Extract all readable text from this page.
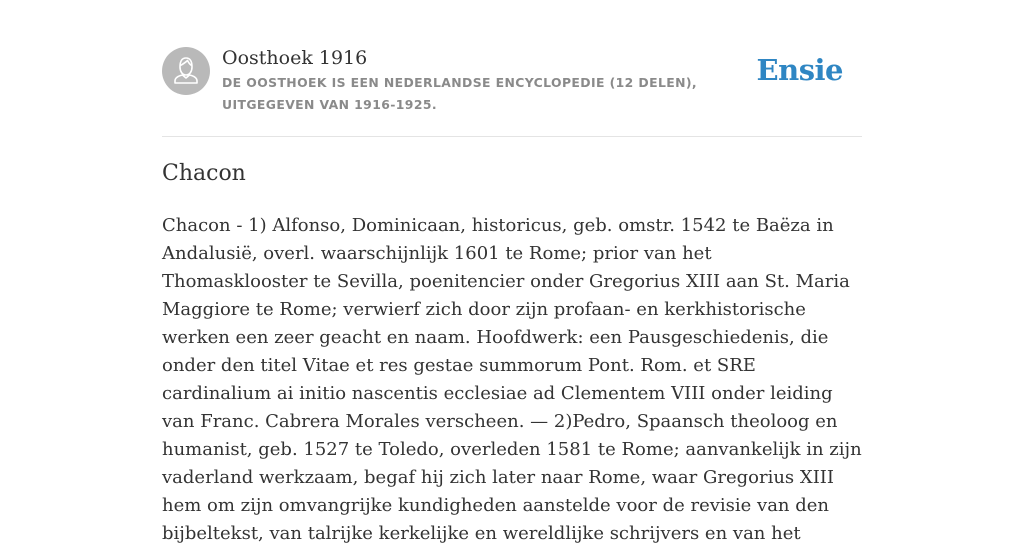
Oosthoek 1916
DE OOSTHOEK IS EEN NEDERLANDSE ENCYCLOPEDIE (12 DELEN), UITGEGEVEN VAN 1916-1925.
Ensie
Chacon

Chacon - 1) Alfonso, Dominicaan, historicus, geb. omstr. 1542 te Baëza in Andalusië, overl. waarschijnlijk 1601 te Rome; prior van het Thomasklooster te Sevilla, poenitencier onder Gregorius XIII aan St. Maria Maggiore te Rome; verwierf zich door zijn profaan- en kerkhistorische werken een zeer geacht en naam. Hoofdwerk: een Pausgeschiedenis, die onder den titel Vitae et res gestae summorum Pont. Rom. et SRE cardinalium ai initio nascentis ecclesiae ad Clementem VIII onder leiding van Franc. Cabrera Morales verscheen. — 2)Pedro, Spaansch theoloog en humanist, geb. 1527 te Toledo, overleden 1581 te Rome; aanvankelijk in zijn vaderland werkzaam, begaf hij zich later naar Rome, waar Gregorius XIII hem om zijn omvangrijke kundigheden aanstelde voor de revisie van den bijbeltekst, van talrijke kerkelijke en wereldlijke schrijvers en van het
